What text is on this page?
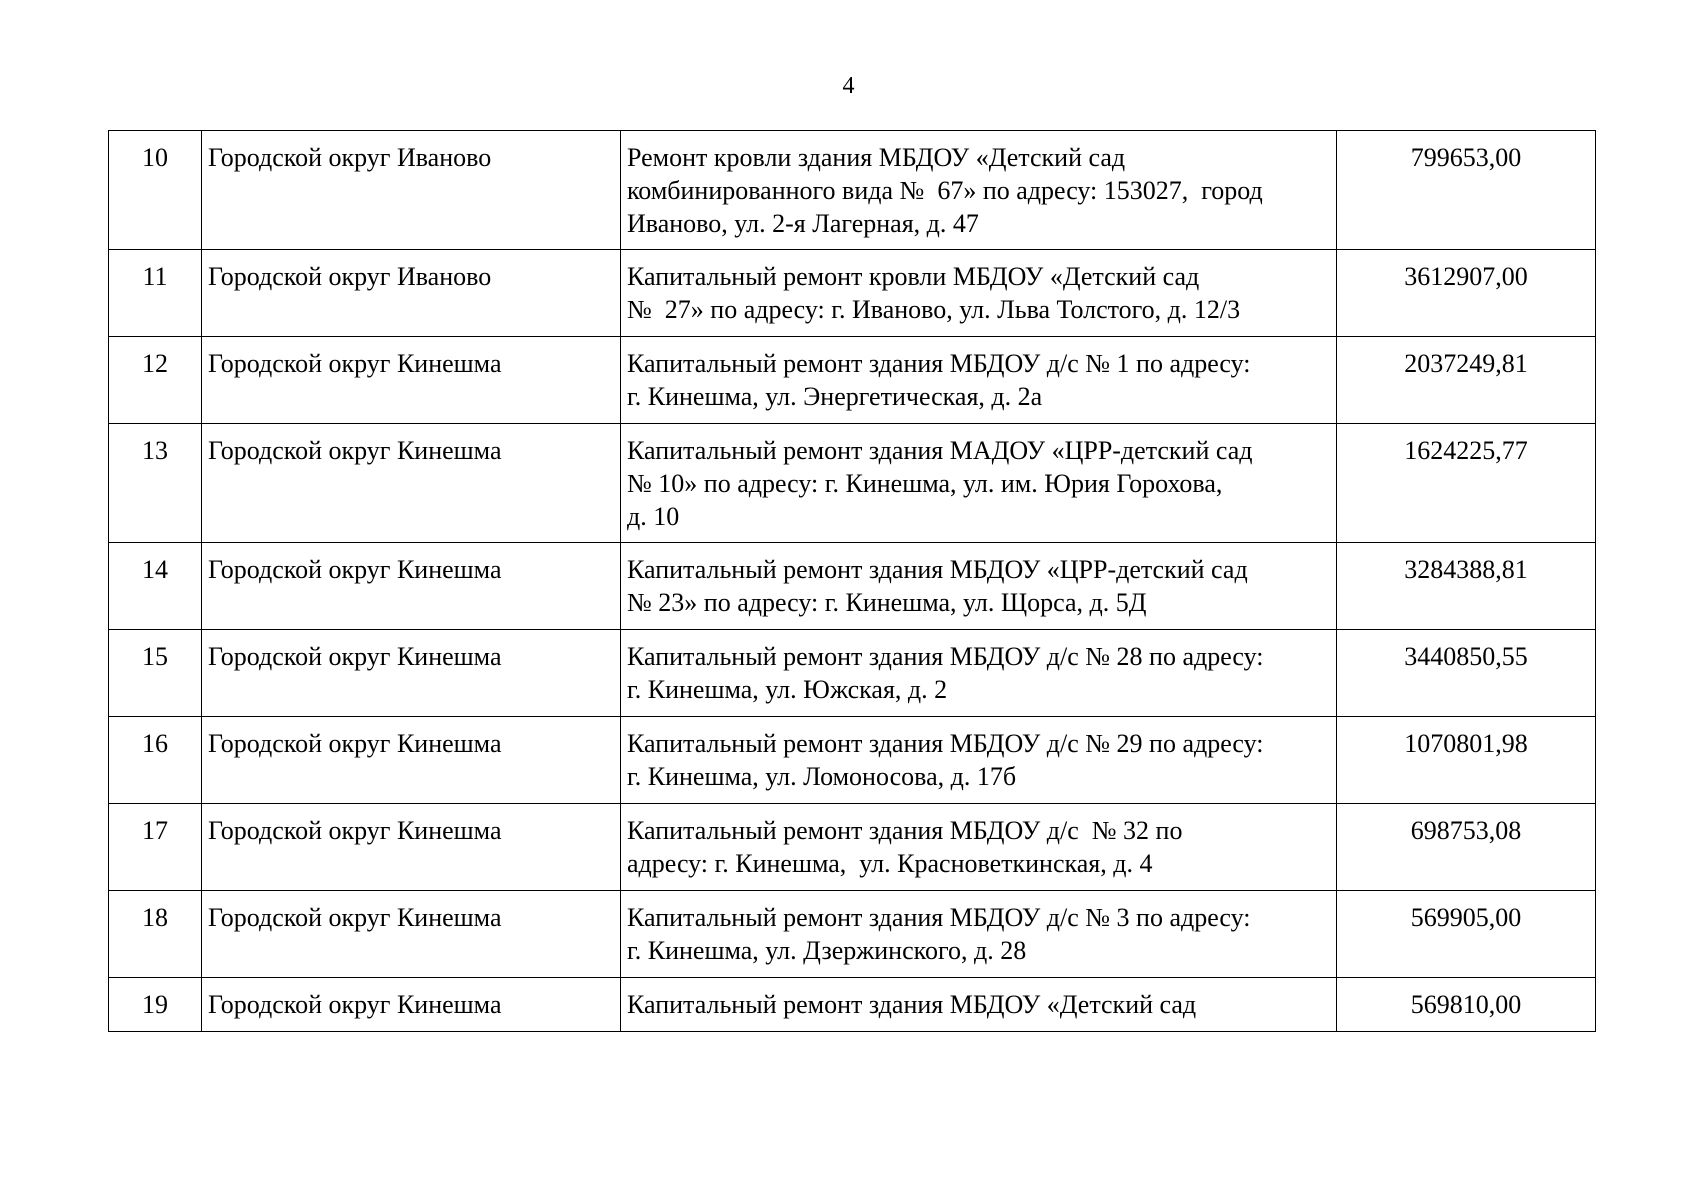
4
10	Городской округ Иваново	Ремонт кровли здания МБДОУ «Детский сад
комбинированного вида №  67» по адресу: 153027,  город
Иваново, ул. 2-я Лагерная, д. 47	799653,00
11	Городской округ Иваново	Капитальный ремонт кровли МБДОУ «Детский сад
№  27» по адресу: г. Иваново, ул. Льва Толстого, д. 12/3	3612907,00
12	Городской округ Кинешма	Капитальный ремонт здания МБДОУ д/с № 1 по адресу:
г. Кинешма, ул. Энергетическая, д. 2а	2037249,81
13	Городской округ Кинешма	Капитальный ремонт здания МАДОУ «ЦРР-детский сад
№ 10» по адресу: г. Кинешма, ул. им. Юрия Горохова,
д. 10	1624225,77
14	Городской округ Кинешма	Капитальный ремонт здания МБДОУ «ЦРР-детский сад
№ 23» по адресу: г. Кинешма, ул. Щорса, д. 5Д	3284388,81
15	Городской округ Кинешма	Капитальный ремонт здания МБДОУ д/с № 28 по адресу:
г. Кинешма, ул. Южская, д. 2	3440850,55
16	Городской округ Кинешма	Капитальный ремонт здания МБДОУ д/с № 29 по адресу:
г. Кинешма, ул. Ломоносова, д. 17б	1070801,98
17	Городской округ Кинешма	Капитальный ремонт здания МБДОУ д/с  № 32 по
адресу: г. Кинешма,  ул. Красноветкинская, д. 4	698753,08
18	Городской округ Кинешма	Капитальный ремонт здания МБДОУ д/с № 3 по адресу:
г. Кинешма, ул. Дзержинского, д. 28	569905,00
19	Городской округ Кинешма	Капитальный ремонт здания МБДОУ «Детский сад	569810,00
